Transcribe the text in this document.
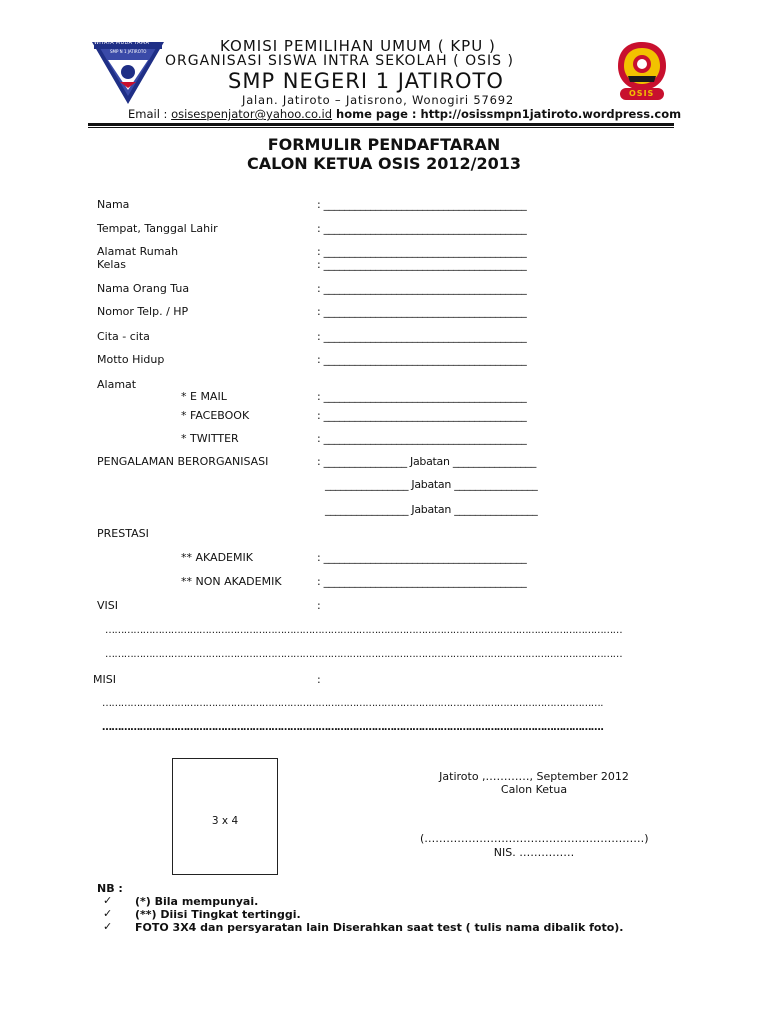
WIYATA MUDA TAMA
SMP N 1 JATIROTO
OSIS
KOMISI PEMILIHAN UMUM ( KPU )
ORGANISASI SISWA INTRA SEKOLAH ( OSIS )
SMP NEGERI 1 JATIROTO
Jalan. Jatiroto – Jatisrono, Wonogiri 57692
Email : osisespenjator@yahoo.co.id home page : http://osissmpn1jatiroto.wordpress.com
FORMULIR PENDAFTARAN
CALON KETUA OSIS 2012/2013
Nama	: _______________________________________
Tempat, Tanggal Lahir	: _______________________________________
Alamat Rumah	: _______________________________________
Kelas	: _______________________________________
Nama Orang Tua	: _______________________________________
Nomor Telp. / HP	: _______________________________________
Cita - cita	: _______________________________________
Motto Hidup	: _______________________________________
Alamat
* E MAIL	: _______________________________________
* FACEBOOK	: _______________________________________
* TWITTER	: _______________________________________
PENGALAMAN BERORGANISASI	: ________________ Jabatan ________________
________________ Jabatan ________________
________________ Jabatan ________________
PRESTASI
** AKADEMIK	: _______________________________________
** NON AKADEMIK	: _______________________________________
VISI	:
…………………………………………………………………………………………………………………………………………………
…………………………………………………………………………………………………………………………………………………
MISI	:
…………………………………………………………………………………………………………………………………………….
…………………………………………………………………………………………………………………………………………….
3 x 4
Jatiroto ,…………, September 2012
Calon Ketua
(……………………………………………………)
NIS. ……………
NB :
✓ (*) Bila mempunyai.
✓ (**) Diisi Tingkat tertinggi.
✓ FOTO 3X4 dan persyaratan lain Diserahkan saat test ( tulis nama dibalik foto).
